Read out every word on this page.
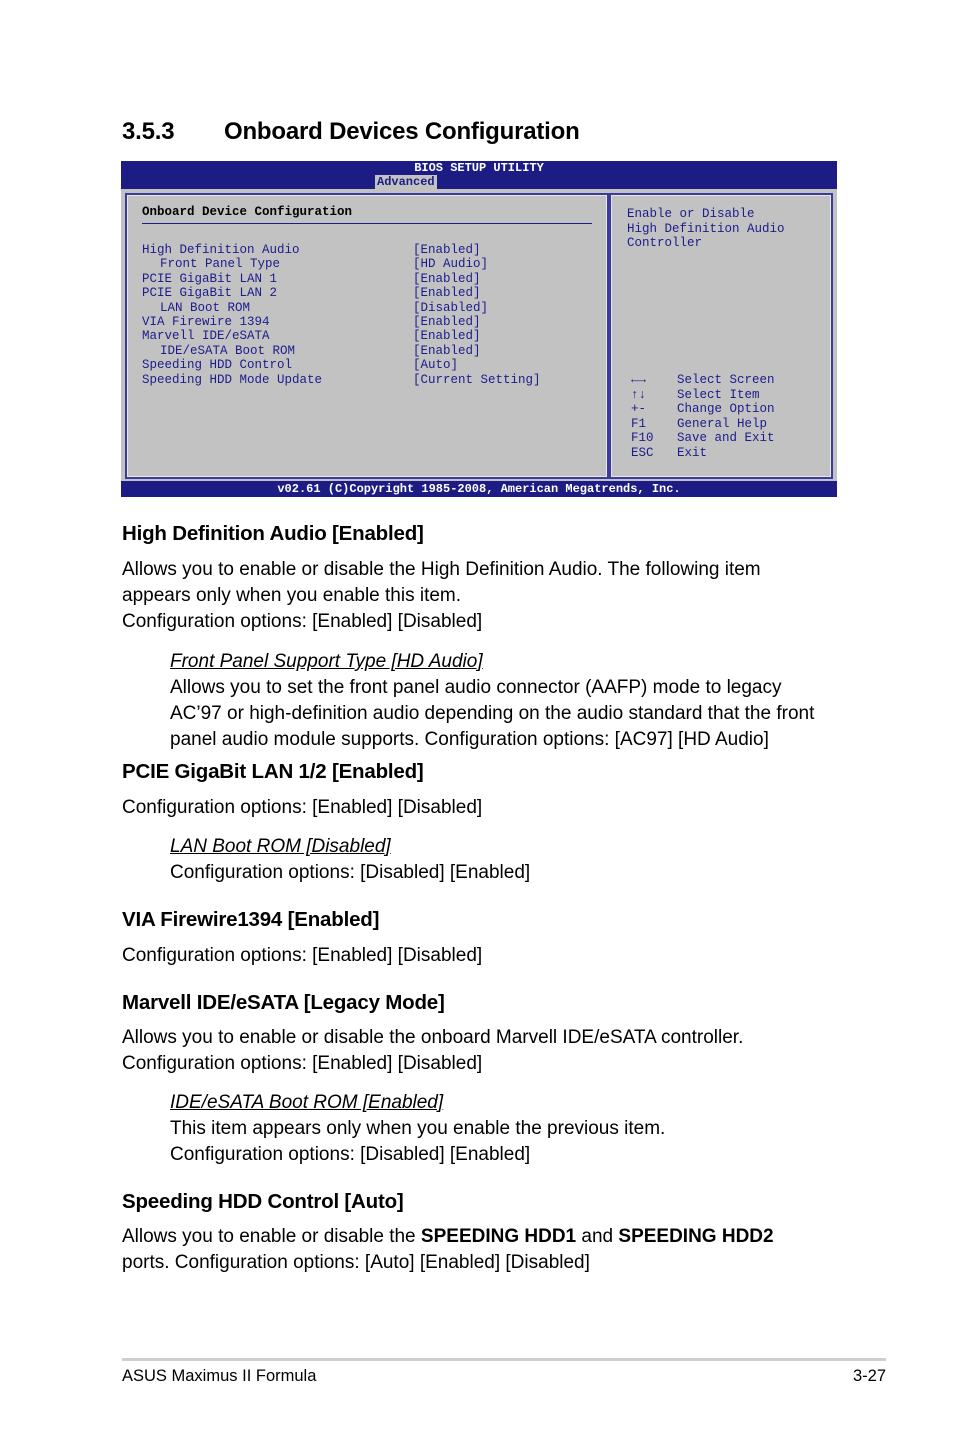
3.5.3 Onboard Devices Configuration
BIOS SETUP UTILITY
Advanced
Onboard Device Configuration
High Definition Audio	[Enabled]
Front Panel Type	[HD Audio]
PCIE GigaBit LAN 1	[Enabled]
PCIE GigaBit LAN 2	[Enabled]
LAN Boot ROM	[Disabled]
VIA Firewire 1394	[Enabled]
Marvell IDE/eSATA	[Enabled]
IDE/eSATA Boot ROM	[Enabled]
Speeding HDD Control	[Auto]
Speeding HDD Mode Update	[Current Setting]
Enable or Disable
High Definition Audio
Controller
←→ Select Screen
↑↓ Select Item
+- Change Option
F1 General Help
F10 Save and Exit
ESC Exit
v02.61 (C)Copyright 1985-2008, American Megatrends, Inc.
High Definition Audio [Enabled]
Allows you to enable or disable the High Definition Audio. The following item
appears only when you enable this item.
Configuration options: [Enabled] [Disabled]
Front Panel Support Type [HD Audio]
Allows you to set the front panel audio connector (AAFP) mode to legacy
AC’97 or high-definition audio depending on the audio standard that the front
panel audio module supports. Configuration options: [AC97] [HD Audio]
PCIE GigaBit LAN 1/2 [Enabled]
Configuration options: [Enabled] [Disabled]
LAN Boot ROM [Disabled]
Configuration options: [Disabled] [Enabled]
VIA Firewire1394 [Enabled]
Configuration options: [Enabled] [Disabled]
Marvell IDE/eSATA [Legacy Mode]
Allows you to enable or disable the onboard Marvell IDE/eSATA controller.
Configuration options: [Enabled] [Disabled]
IDE/eSATA Boot ROM [Enabled]
This item appears only when you enable the previous item.
Configuration options: [Disabled] [Enabled]
Speeding HDD Control [Auto]
Allows you to enable or disable the SPEEDING HDD1 and SPEEDING HDD2
ports. Configuration options: [Auto] [Enabled] [Disabled]
ASUS Maximus II Formula	3-27
